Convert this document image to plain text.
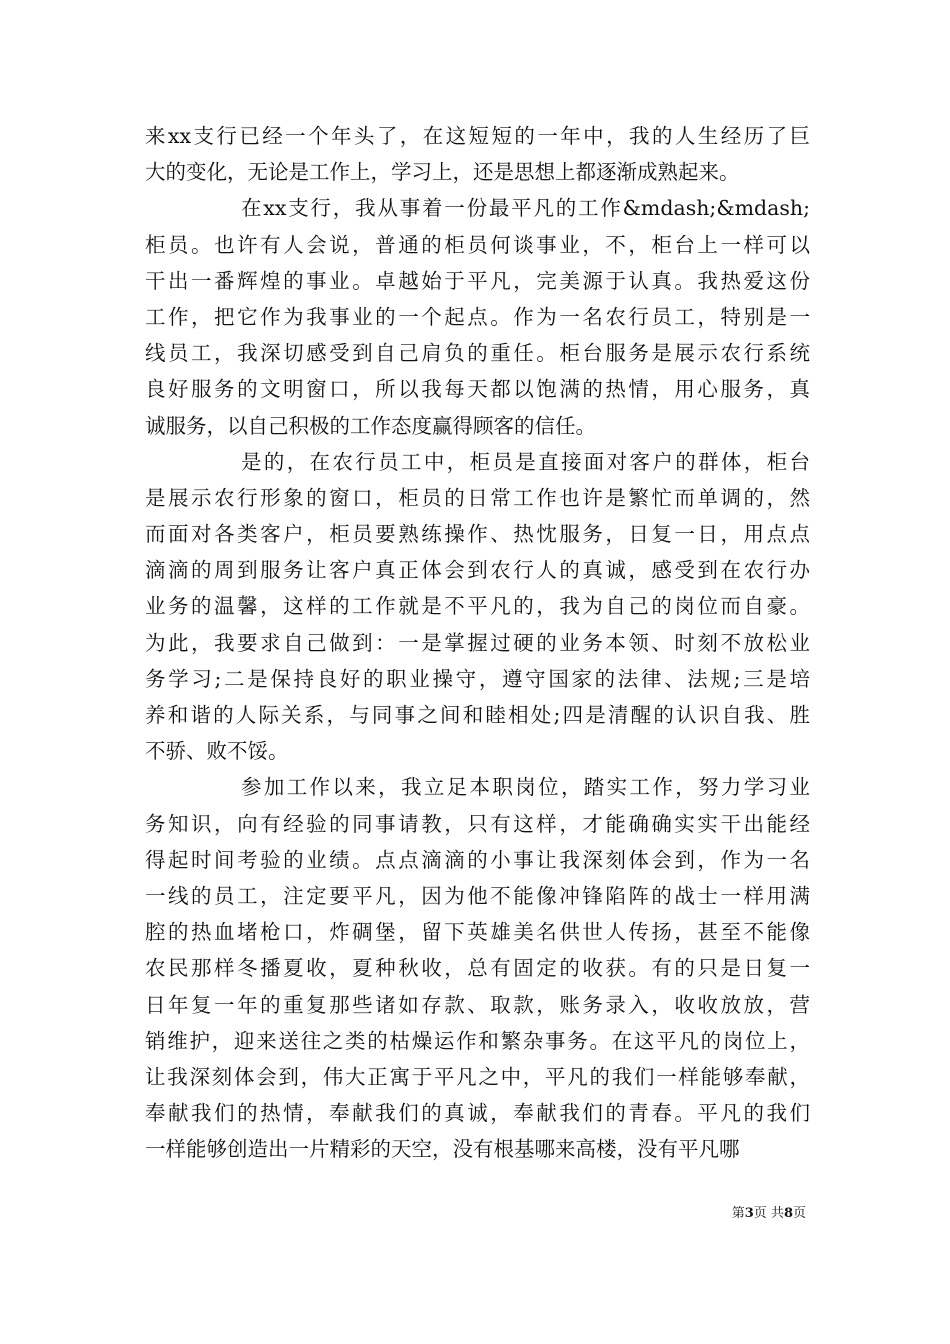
来xx支行已经一个年头了，在这短短的一年中，我的人生经历了巨
大的变化，无论是工作上，学习上，还是思想上都逐渐成熟起来。
在xx支行，我从事着一份最平凡的工作&mdash;&mdash;
柜员。也许有人会说，普通的柜员何谈事业，不，柜台上一样可以
干出一番辉煌的事业。卓越始于平凡，完美源于认真。我热爱这份
工作，把它作为我事业的一个起点。作为一名农行员工，特别是一
线员工，我深切感受到自己肩负的重任。柜台服务是展示农行系统
良好服务的文明窗口，所以我每天都以饱满的热情，用心服务，真
诚服务，以自己积极的工作态度赢得顾客的信任。
是的，在农行员工中，柜员是直接面对客户的群体，柜台
是展示农行形象的窗口，柜员的日常工作也许是繁忙而单调的，然
而面对各类客户，柜员要熟练操作、热忱服务，日复一日，用点点
滴滴的周到服务让客户真正体会到农行人的真诚，感受到在农行办
业务的温馨，这样的工作就是不平凡的，我为自己的岗位而自豪。
为此，我要求自己做到：一是掌握过硬的业务本领、时刻不放松业
务学习;二是保持良好的职业操守，遵守国家的法律、法规;三是培
养和谐的人际关系，与同事之间和睦相处;四是清醒的认识自我、胜
不骄、败不馁。
参加工作以来，我立足本职岗位，踏实工作，努力学习业
务知识，向有经验的同事请教，只有这样，才能确确实实干出能经
得起时间考验的业绩。点点滴滴的小事让我深刻体会到，作为一名
一线的员工，注定要平凡，因为他不能像冲锋陷阵的战士一样用满
腔的热血堵枪口，炸碉堡，留下英雄美名供世人传扬，甚至不能像
农民那样冬播夏收，夏种秋收，总有固定的收获。有的只是日复一
日年复一年的重复那些诸如存款、取款，账务录入，收收放放，营
销维护，迎来送往之类的枯燥运作和繁杂事务。在这平凡的岗位上，
让我深刻体会到，伟大正寓于平凡之中，平凡的我们一样能够奉献，
奉献我们的热情，奉献我们的真诚，奉献我们的青春。平凡的我们
一样能够创造出一片精彩的天空，没有根基哪来高楼，没有平凡哪
第3页 共8页
